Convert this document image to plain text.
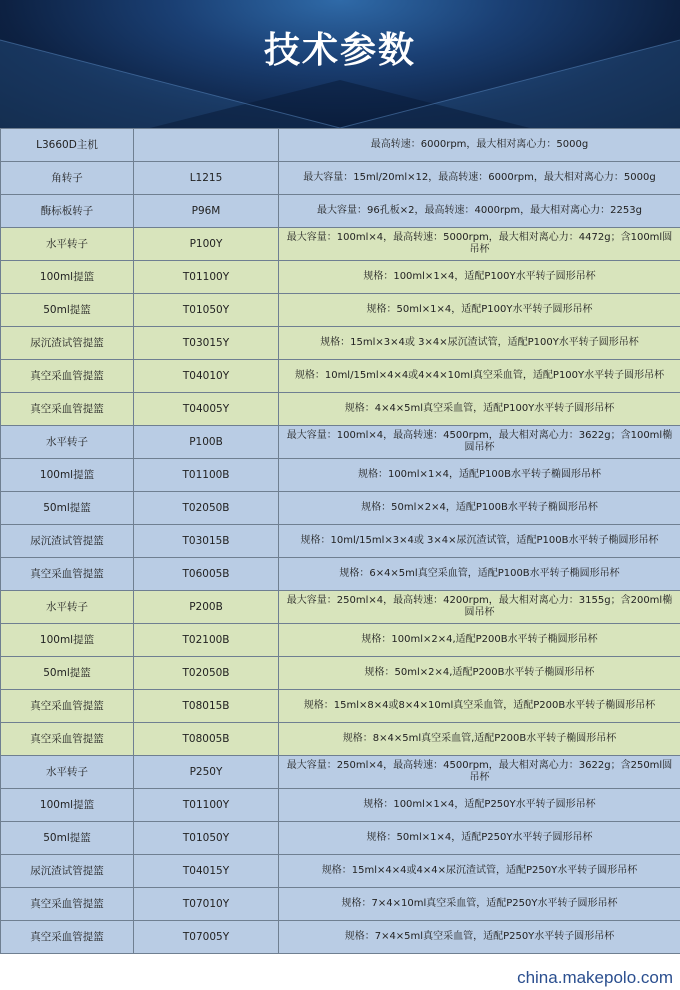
技术参数
L3660D主机		最高转速：6000rpm，最大相对离心力：5000g
角转子	L1215	最大容量：15ml/20ml×12，最高转速：6000rpm，最大相对离心力：5000g
酶标板转子	P96M	最大容量：96孔板×2，最高转速：4000rpm，最大相对离心力：2253g
水平转子	P100Y	最大容量：100ml×4，最高转速：5000rpm，最大相对离心力：4472g；含100ml圆吊杯
100ml提篮	T01100Y	规格：100ml×1×4，适配P100Y水平转子圆形吊杯
50ml提篮	T01050Y	规格：50ml×1×4，适配P100Y水平转子圆形吊杯
尿沉渣试管提篮	T03015Y	规格：15ml×3×4或 3×4×尿沉渣试管，适配P100Y水平转子圆形吊杯
真空采血管提篮	T04010Y	规格：10ml/15ml×4×4或4×4×10ml真空采血管，适配P100Y水平转子圆形吊杯
真空采血管提篮	T04005Y	规格：4×4×5ml真空采血管，适配P100Y水平转子圆形吊杯
水平转子	P100B	最大容量：100ml×4，最高转速：4500rpm，最大相对离心力：3622g；含100ml椭圆吊杯
100ml提篮	T01100B	规格：100ml×1×4，适配P100B水平转子椭圆形吊杯
50ml提篮	T02050B	规格：50ml×2×4，适配P100B水平转子椭圆形吊杯
尿沉渣试管提篮	T03015B	规格：10ml/15ml×3×4或 3×4×尿沉渣试管，适配P100B水平转子椭圆形吊杯
真空采血管提篮	T06005B	规格：6×4×5ml真空采血管，适配P100B水平转子椭圆形吊杯
水平转子	P200B	最大容量：250ml×4，最高转速：4200rpm，最大相对离心力：3155g；含200ml椭圆吊杯
100ml提篮	T02100B	规格：100ml×2×4,适配P200B水平转子椭圆形吊杯
50ml提篮	T02050B	规格：50ml×2×4,适配P200B水平转子椭圆形吊杯
真空采血管提篮	T08015B	规格：15ml×8×4或8×4×10ml真空采血管，适配P200B水平转子椭圆形吊杯
真空采血管提篮	T08005B	规格：8×4×5ml真空采血管,适配P200B水平转子椭圆形吊杯
水平转子	P250Y	最大容量：250ml×4，最高转速：4500rpm，最大相对离心力：3622g；含250ml圆吊杯
100ml提篮	T01100Y	规格：100ml×1×4，适配P250Y水平转子圆形吊杯
50ml提篮	T01050Y	规格：50ml×1×4，适配P250Y水平转子圆形吊杯
尿沉渣试管提篮	T04015Y	规格：15ml×4×4或4×4×尿沉渣试管，适配P250Y水平转子圆形吊杯
真空采血管提篮	T07010Y	规格：7×4×10ml真空采血管，适配P250Y水平转子圆形吊杯
真空采血管提篮	T07005Y	规格：7×4×5ml真空采血管，适配P250Y水平转子圆形吊杯
china.makepolo.com
